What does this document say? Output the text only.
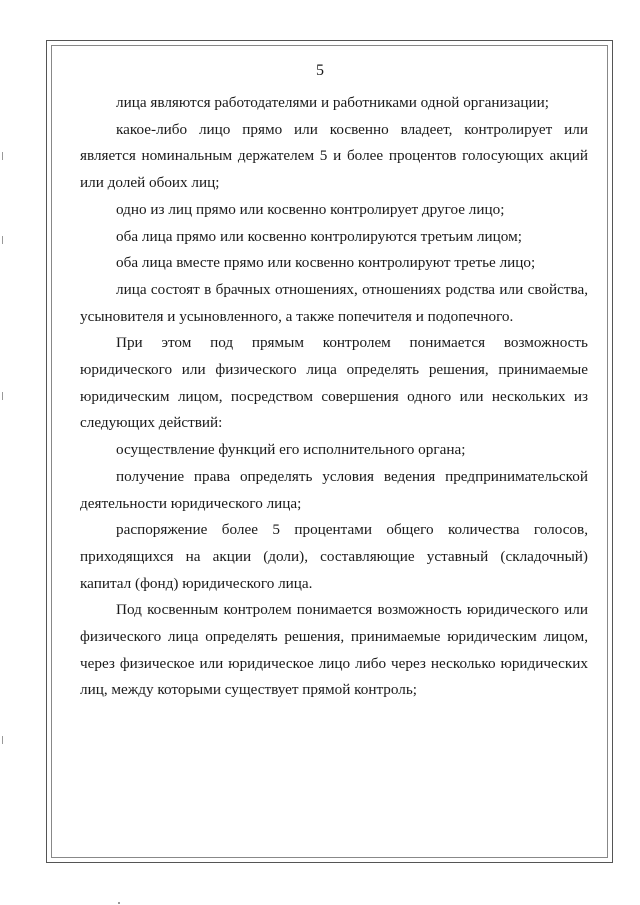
5

лица являются работодателями и работниками одной организации;

какое-либо лицо прямо или косвенно владеет, контролирует или является номинальным держателем 5 и более процентов голосующих акций или долей обоих лиц;

одно из лиц прямо или косвенно контролирует другое лицо;

оба лица прямо или косвенно контролируются третьим лицом;

оба лица вместе прямо или косвенно контролируют третье лицо;

лица состоят в брачных отношениях, отношениях родства или свойства, усыновителя и усыновленного, а также попечителя и подопечного.

При этом под прямым контролем понимается возможность юридического или физического лица определять решения, принимаемые юридическим лицом, посредством совершения одного или нескольких из следующих действий:

осуществление функций его исполнительного органа;

получение права определять условия ведения предпринимательской деятельности юридического лица;

распоряжение более 5 процентами общего количества голосов, приходящихся на акции (доли), составляющие уставный (складочный) капитал (фонд) юридического лица.

Под косвенным контролем понимается возможность юридического или физического лица определять решения, принимаемые юридическим лицом, через физическое или юридическое лицо либо через несколько юридических лиц, между которыми существует прямой контроль;
